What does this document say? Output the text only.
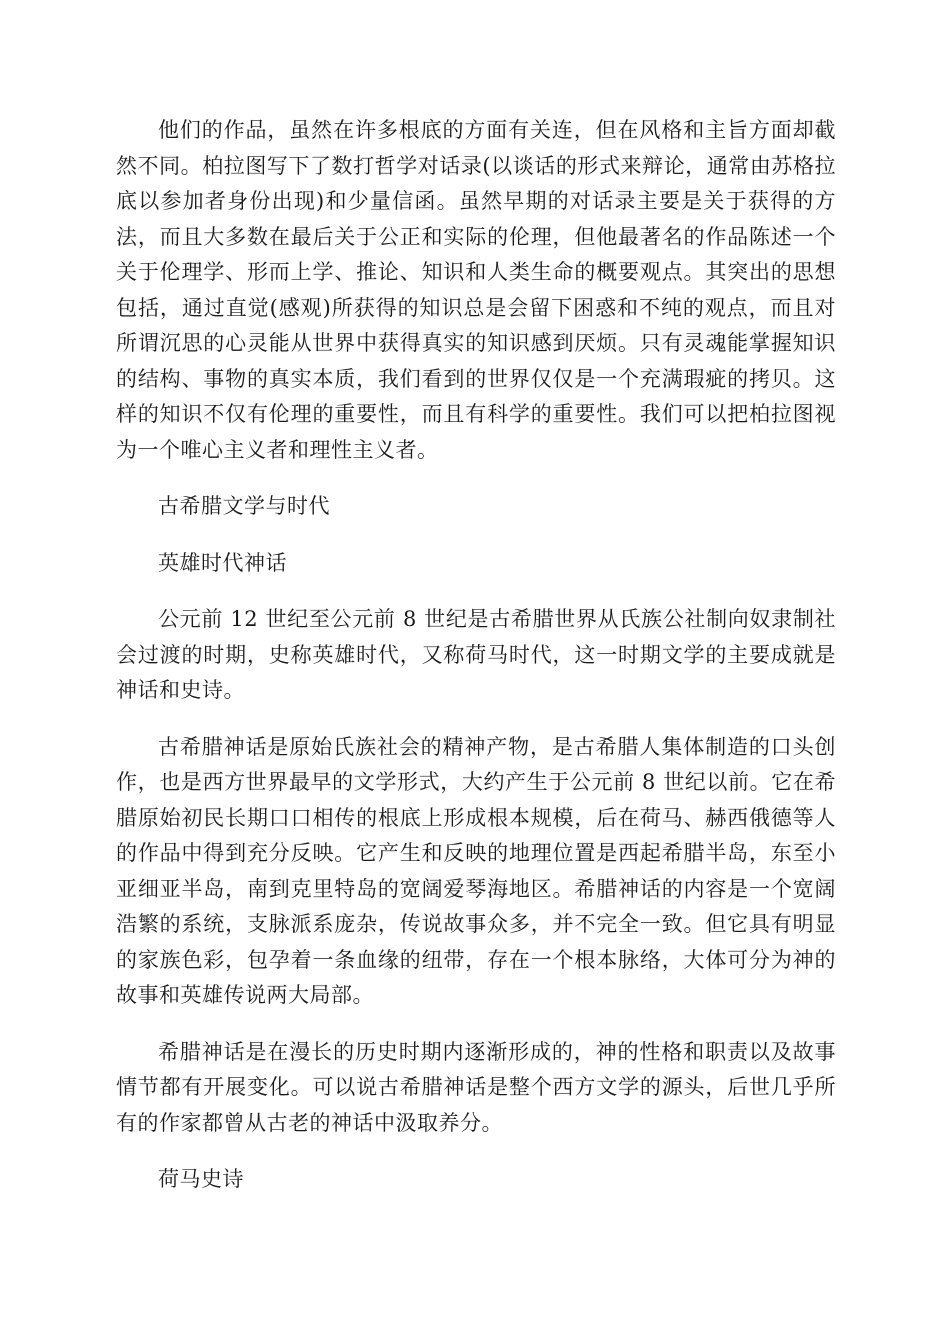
他们的作品，虽然在许多根底的方面有关连，但在风格和主旨方面却截然不同。柏拉图写下了数打哲学对话录(以谈话的形式来辩论，通常由苏格拉底以参加者身份出现)和少量信函。虽然早期的对话录主要是关于获得的方法，而且大多数在最后关于公正和实际的伦理，但他最著名的作品陈述一个关于伦理学、形而上学、推论、知识和人类生命的概要观点。其突出的思想包括，通过直觉(感观)所获得的知识总是会留下困惑和不纯的观点，而且对所谓沉思的心灵能从世界中获得真实的知识感到厌烦。只有灵魂能掌握知识的结构、事物的真实本质，我们看到的世界仅仅是一个充满瑕疵的拷贝。这样的知识不仅有伦理的重要性，而且有科学的重要性。我们可以把柏拉图视为一个唯心主义者和理性主义者。

古希腊文学与时代

英雄时代神话

公元前 12 世纪至公元前 8 世纪是古希腊世界从氏族公社制向奴隶制社会过渡的时期，史称英雄时代，又称荷马时代，这一时期文学的主要成就是神话和史诗。

古希腊神话是原始氏族社会的精神产物，是古希腊人集体制造的口头创作，也是西方世界最早的文学形式，大约产生于公元前 8 世纪以前。它在希腊原始初民长期口口相传的根底上形成根本规模，后在荷马、赫西俄德等人的作品中得到充分反映。它产生和反映的地理位置是西起希腊半岛，东至小亚细亚半岛，南到克里特岛的宽阔爱琴海地区。希腊神话的内容是一个宽阔浩繁的系统，支脉派系庞杂，传说故事众多，并不完全一致。但它具有明显的家族色彩，包孕着一条血缘的纽带，存在一个根本脉络，大体可分为神的故事和英雄传说两大局部。

希腊神话是在漫长的历史时期内逐渐形成的，神的性格和职责以及故事情节都有开展变化。可以说古希腊神话是整个西方文学的源头，后世几乎所有的作家都曾从古老的神话中汲取养分。

荷马史诗
